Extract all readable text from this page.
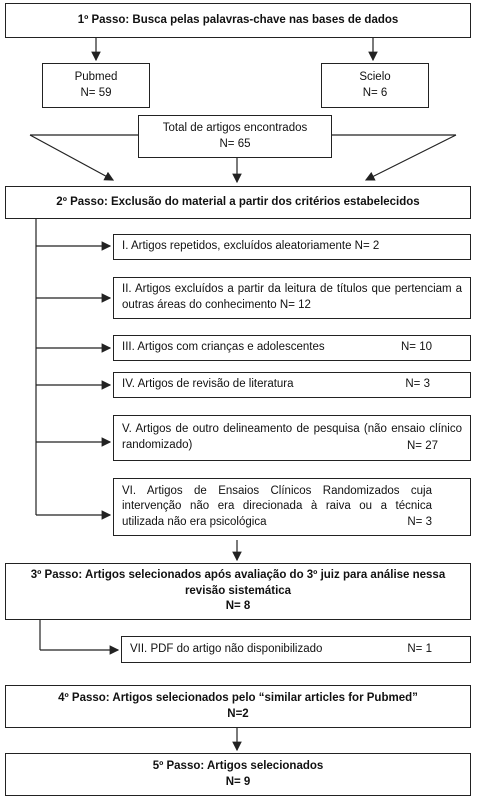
1º Passo: Busca pelas palavras-chave nas bases de dados
Pubmed
N= 59
Scielo
N= 6
Total de artigos encontrados
N= 65
2º Passo: Exclusão do material a partir dos critérios estabelecidos
I. Artigos repetidos, excluídos aleatoriamente N= 2
II. Artigos excluídos a partir da leitura de títulos que pertenciam a outras áreas do conhecimento N= 12
III. Artigos com crianças e adolescentes	N= 10
IV. Artigos de revisão de literatura	N= 3
V. Artigos de outro delineamento de pesquisa (não ensaio clínico randomizado)	N= 27
VI. Artigos de Ensaios Clínicos Randomizados cuja intervenção não era direcionada à raiva ou a técnica utilizada não era psicológica	N= 3
3º Passo: Artigos selecionados após avaliação do 3º juiz para análise nessa
revisão sistemática
N= 8
VII. PDF do artigo não disponibilizado	N= 1
4º Passo: Artigos selecionados pelo “similar articles for Pubmed”
N=2
5º Passo: Artigos selecionados
N= 9
